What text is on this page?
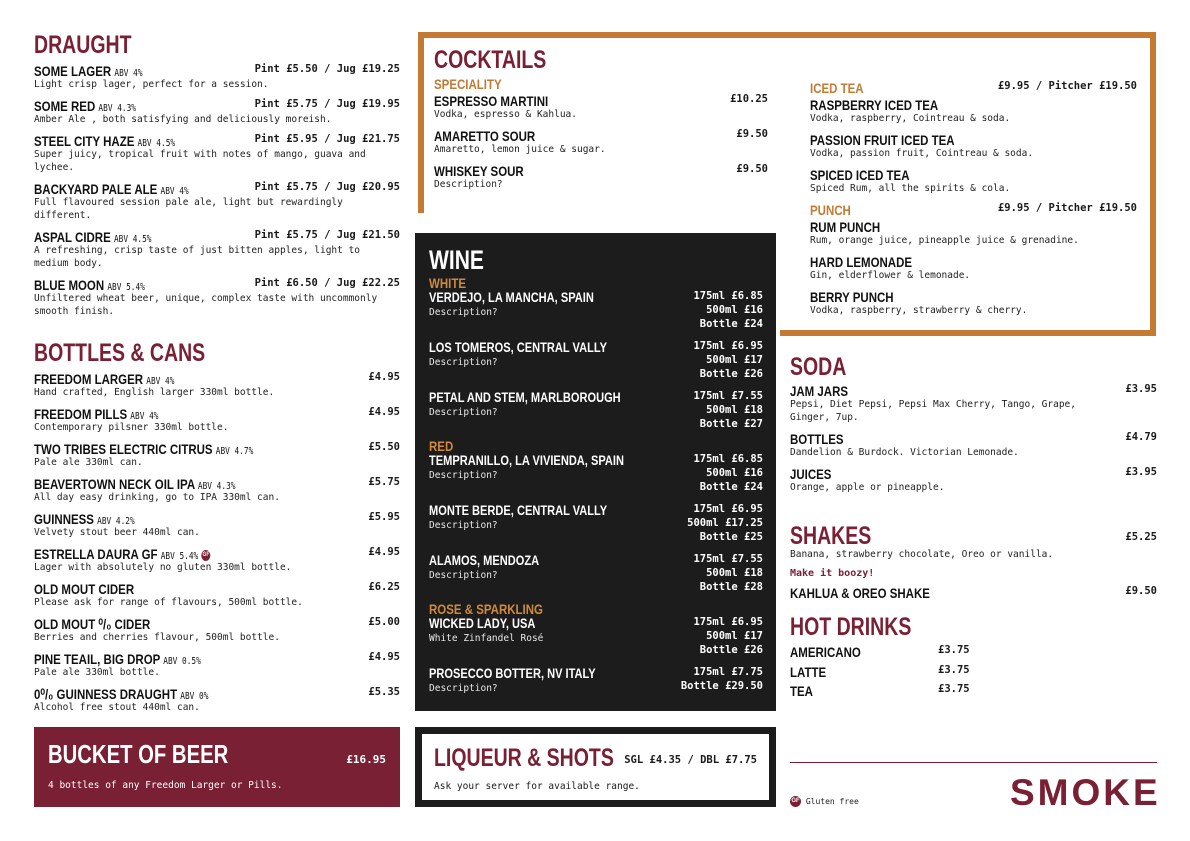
DRAUGHT
SOME LAGER ABV 4%	Pint £5.50 / Jug £19.25
Light crisp lager, perfect for a session.
SOME RED ABV 4.3%	Pint £5.75 / Jug £19.95
Amber Ale , both satisfying and deliciously moreish.
STEEL CITY HAZE ABV 4.5%	Pint £5.95 / Jug £21.75
Super juicy, tropical fruit with notes of mango, guava and lychee.
BACKYARD PALE ALE ABV 4%	Pint £5.75 / Jug £20.95
Full flavoured session pale ale, light but rewardingly different.
ASPAL CIDRE ABV 4.5%	Pint £5.75 / Jug £21.50
A refreshing, crisp taste of just bitten apples, light to medium body.
BLUE MOON ABV 5.4%	Pint £6.50 / Jug £22.25
Unfiltered wheat beer, unique, complex taste with uncommonly smooth finish.
BOTTLES & CANS
FREEDOM LARGER ABV 4%	£4.95
Hand crafted, English larger 330ml bottle.
FREEDOM PILLS ABV 4%	£4.95
Contemporary pilsner 330ml bottle.
TWO TRIBES ELECTRIC CITRUS ABV 4.7%	£5.50
Pale ale 330ml can.
BEAVERTOWN NECK OIL IPA ABV 4.3%	£5.75
All day easy drinking, go to IPA 330ml can.
GUINNESS ABV 4.2%	£5.95
Velvety stout beer 440ml can.
ESTRELLA DAURA GF ABV 5.4% GF	£4.95
Lager with absolutely no gluten 330ml bottle.
OLD MOUT CIDER	£6.25
Please ask for range of flavours, 500ml bottle.
OLD MOUT ⁰/₀ CIDER	£5.00
Berries and cherries flavour, 500ml bottle.
PINE TEAIL, BIG DROP ABV 0.5%	£4.95
Pale ale 330ml bottle.
0⁰/₀ GUINNESS DRAUGHT ABV 0%	£5.35
Alcohol free stout 440ml can.
BUCKET OF BEER	£16.95
4 bottles of any Freedom Larger or Pills.
COCKTAILS
SPECIALITY
ESPRESSO MARTINI	£10.25
Vodka, espresso & Kahlua.
AMARETTO SOUR	£9.50
Amaretto, lemon juice & sugar.
WHISKEY SOUR	£9.50
Description?
ICED TEA	£9.95 / Pitcher £19.50
RASPBERRY ICED TEA
Vodka, raspberry, Cointreau & soda.
PASSION FRUIT ICED TEA
Vodka, passion fruit, Cointreau & soda.
SPICED ICED TEA
Spiced Rum, all the spirits & cola.
PUNCH	£9.95 / Pitcher £19.50
RUM PUNCH
Rum, orange juice, pineapple juice & grenadine.
HARD LEMONADE
Gin, elderflower & lemonade.
BERRY PUNCH
Vodka, raspberry, strawberry & cherry.
WINE
WHITE
VERDEJO, LA MANCHA, SPAIN
Description?
175ml £6.85
500ml £16
Bottle £24
LOS TOMEROS, CENTRAL VALLY
Description?
175ml £6.95
500ml £17
Bottle £26
PETAL AND STEM, MARLBOROUGH
Description?
175ml £7.55
500ml £18
Bottle £27
RED
TEMPRANILLO, LA VIVIENDA, SPAIN
Description?
175ml £6.85
500ml £16
Bottle £24
MONTE BERDE, CENTRAL VALLY
Description?
175ml £6.95
500ml £17.25
Bottle £25
ALAMOS, MENDOZA
Description?
175ml £7.55
500ml £18
Bottle £28
ROSE & SPARKLING
WICKED LADY, USA
White Zinfandel Rosé
175ml £6.95
500ml £17
Bottle £26
PROSECCO BOTTER, NV ITALY
Description?
175ml £7.75
Bottle £29.50
LIQUEUR & SHOTS SGL £4.35 / DBL £7.75
Ask your server for available range.
SODA
JAM JARS	£3.95
Pepsi, Diet Pepsi, Pepsi Max Cherry, Tango, Grape, Ginger, 7up.
BOTTLES	£4.79
Dandelion & Burdock. Victorian Lemonade.
JUICES	£3.95
Orange, apple or pineapple.
SHAKES	£5.25
Banana, strawberry chocolate, Oreo or vanilla.
Make it boozy!
KAHLUA & OREO SHAKE	£9.50
HOT DRINKS
AMERICANO	£3.75
LATTE	£3.75
TEA	£3.75
GF Gluten free	SMOKE
